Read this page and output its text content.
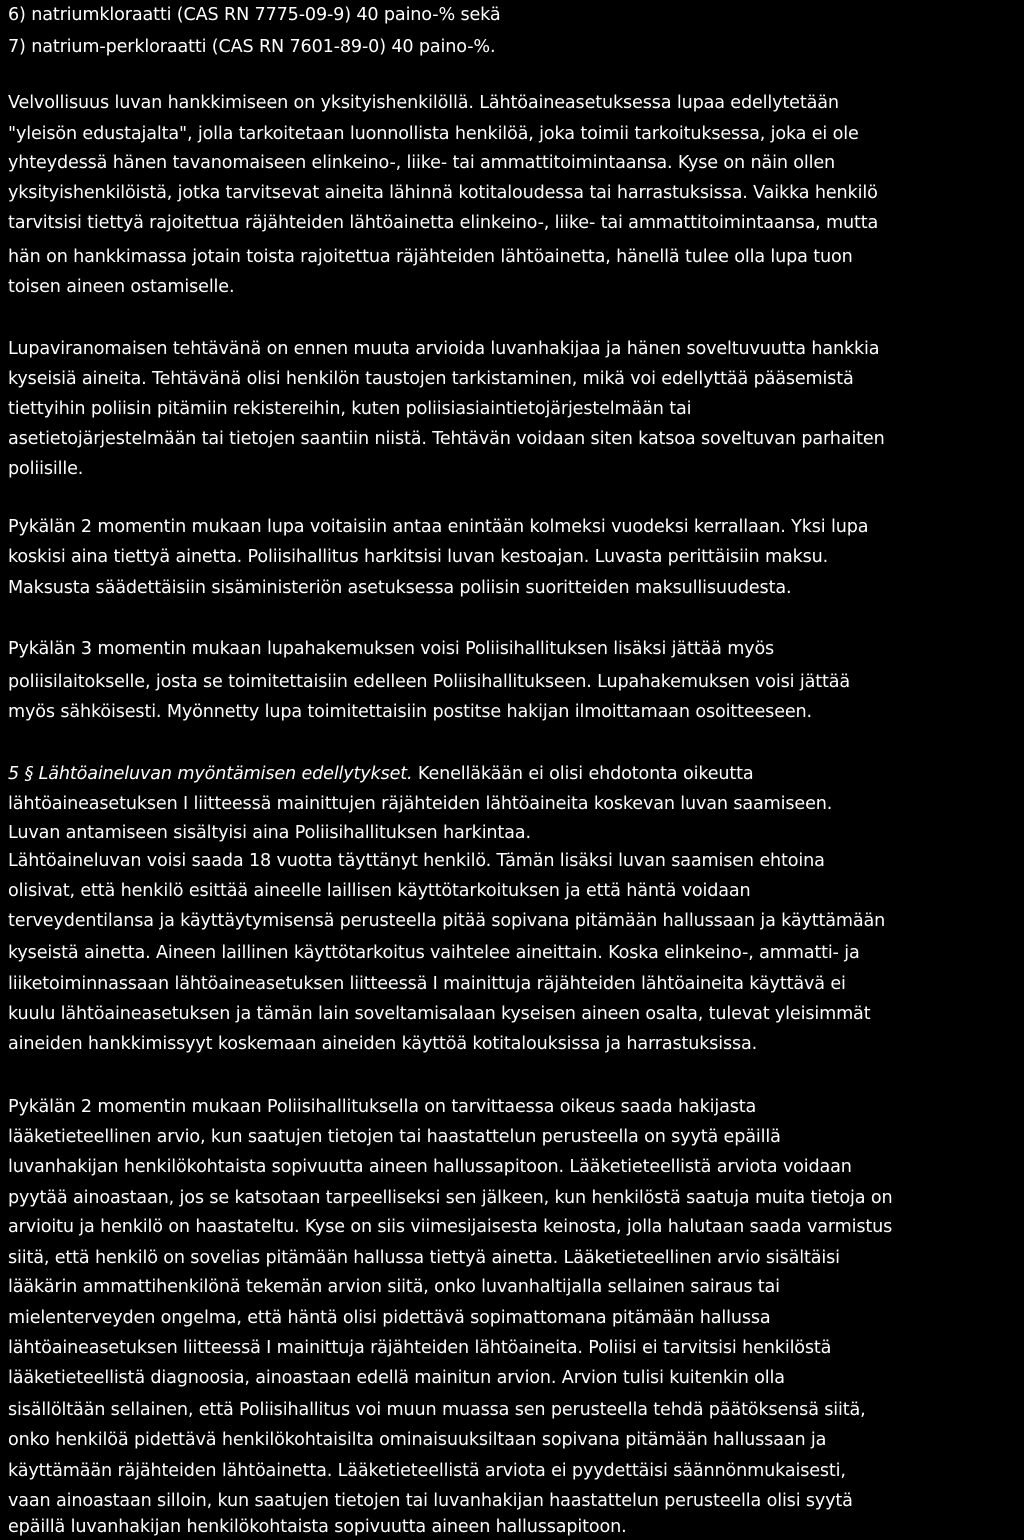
6) natriumkloraatti (CAS RN 7775-09-9) 40 paino-% sekä
7) natrium-perkloraatti (CAS RN 7601-89-0) 40 paino-%.
Velvollisuus luvan hankkimiseen on yksityishenkilöllä. Lähtöaineasetuksessa lupaa edellytetään
"yleisön edustajalta", jolla tarkoitetaan luonnollista henkilöä, joka toimii tarkoituksessa, joka ei ole
yhteydessä hänen tavanomaiseen elinkeino-, liike- tai ammattitoimintaansa. Kyse on näin ollen
yksityishenkilöistä, jotka tarvitsevat aineita lähinnä kotitaloudessa tai harrastuksissa. Vaikka henkilö
tarvitsisi tiettyä rajoitettua räjähteiden lähtöainetta elinkeino-, liike- tai ammattitoimintaansa, mutta
hän on hankkimassa jotain toista rajoitettua räjähteiden lähtöainetta, hänellä tulee olla lupa tuon
toisen aineen ostamiselle.
Lupaviranomaisen tehtävänä on ennen muuta arvioida luvanhakijaa ja hänen soveltuvuutta hankkia
kyseisiä aineita. Tehtävänä olisi henkilön taustojen tarkistaminen, mikä voi edellyttää pääsemistä
tiettyihin poliisin pitämiin rekistereihin, kuten poliisiasiaintietojärjestelmään tai
asetietojärjestelmään tai tietojen saantiin niistä. Tehtävän voidaan siten katsoa soveltuvan parhaiten
poliisille.
Pykälän 2 momentin mukaan lupa voitaisiin antaa enintään kolmeksi vuodeksi kerrallaan. Yksi lupa
koskisi aina tiettyä ainetta. Poliisihallitus harkitsisi luvan kestoajan. Luvasta perittäisiin maksu.
Maksusta säädettäisiin sisäministeriön asetuksessa poliisin suoritteiden maksullisuudesta.
Pykälän 3 momentin mukaan lupahakemuksen voisi Poliisihallituksen lisäksi jättää myös
poliisilaitokselle, josta se toimitettaisiin edelleen Poliisihallitukseen. Lupahakemuksen voisi jättää
myös sähköisesti. Myönnetty lupa toimitettaisiin postitse hakijan ilmoittamaan osoitteeseen.
5 § Lähtöaineluvan myöntämisen edellytykset. Kenelläkään ei olisi ehdotonta oikeutta
lähtöaineasetuksen I liitteessä mainittujen räjähteiden lähtöaineita koskevan luvan saamiseen.
Luvan antamiseen sisältyisi aina Poliisihallituksen harkintaa.
Lähtöaineluvan voisi saada 18 vuotta täyttänyt henkilö. Tämän lisäksi luvan saamisen ehtoina
olisivat, että henkilö esittää aineelle laillisen käyttötarkoituksen ja että häntä voidaan
terveydentilansa ja käyttäytymisensä perusteella pitää sopivana pitämään hallussaan ja käyttämään
kyseistä ainetta. Aineen laillinen käyttötarkoitus vaihtelee aineittain. Koska elinkeino-, ammatti- ja
liiketoiminnassaan lähtöaineasetuksen liitteessä I mainittuja räjähteiden lähtöaineita käyttävä ei
kuulu lähtöaineasetuksen ja tämän lain soveltamisalaan kyseisen aineen osalta, tulevat yleisimmät
aineiden hankkimissyyt koskemaan aineiden käyttöä kotitalouksissa ja harrastuksissa.
Pykälän 2 momentin mukaan Poliisihallituksella on tarvittaessa oikeus saada hakijasta
lääketieteellinen arvio, kun saatujen tietojen tai haastattelun perusteella on syytä epäillä
luvanhakijan henkilökohtaista sopivuutta aineen hallussapitoon. Lääketieteellistä arviota voidaan
pyytää ainoastaan, jos se katsotaan tarpeelliseksi sen jälkeen, kun henkilöstä saatuja muita tietoja on
arvioitu ja henkilö on haastateltu. Kyse on siis viimesijaisesta keinosta, jolla halutaan saada varmistus
siitä, että henkilö on sovelias pitämään hallussa tiettyä ainetta. Lääketieteellinen arvio sisältäisi
lääkärin ammattihenkilönä tekemän arvion siitä, onko luvanhaltijalla sellainen sairaus tai
mielenterveyden ongelma, että häntä olisi pidettävä sopimattomana pitämään hallussa
lähtöaineasetuksen liitteessä I mainittuja räjähteiden lähtöaineita. Poliisi ei tarvitsisi henkilöstä
lääketieteellistä diagnoosia, ainoastaan edellä mainitun arvion. Arvion tulisi kuitenkin olla
sisällöltään sellainen, että Poliisihallitus voi muun muassa sen perusteella tehdä päätöksensä siitä,
onko henkilöä pidettävä henkilökohtaisilta ominaisuuksiltaan sopivana pitämään hallussaan ja
käyttämään räjähteiden lähtöainetta. Lääketieteellistä arviota ei pyydettäisi säännönmukaisesti,
vaan ainoastaan silloin, kun saatujen tietojen tai luvanhakijan haastattelun perusteella olisi syytä
epäillä luvanhakijan henkilökohtaista sopivuutta aineen hallussapitoon.
